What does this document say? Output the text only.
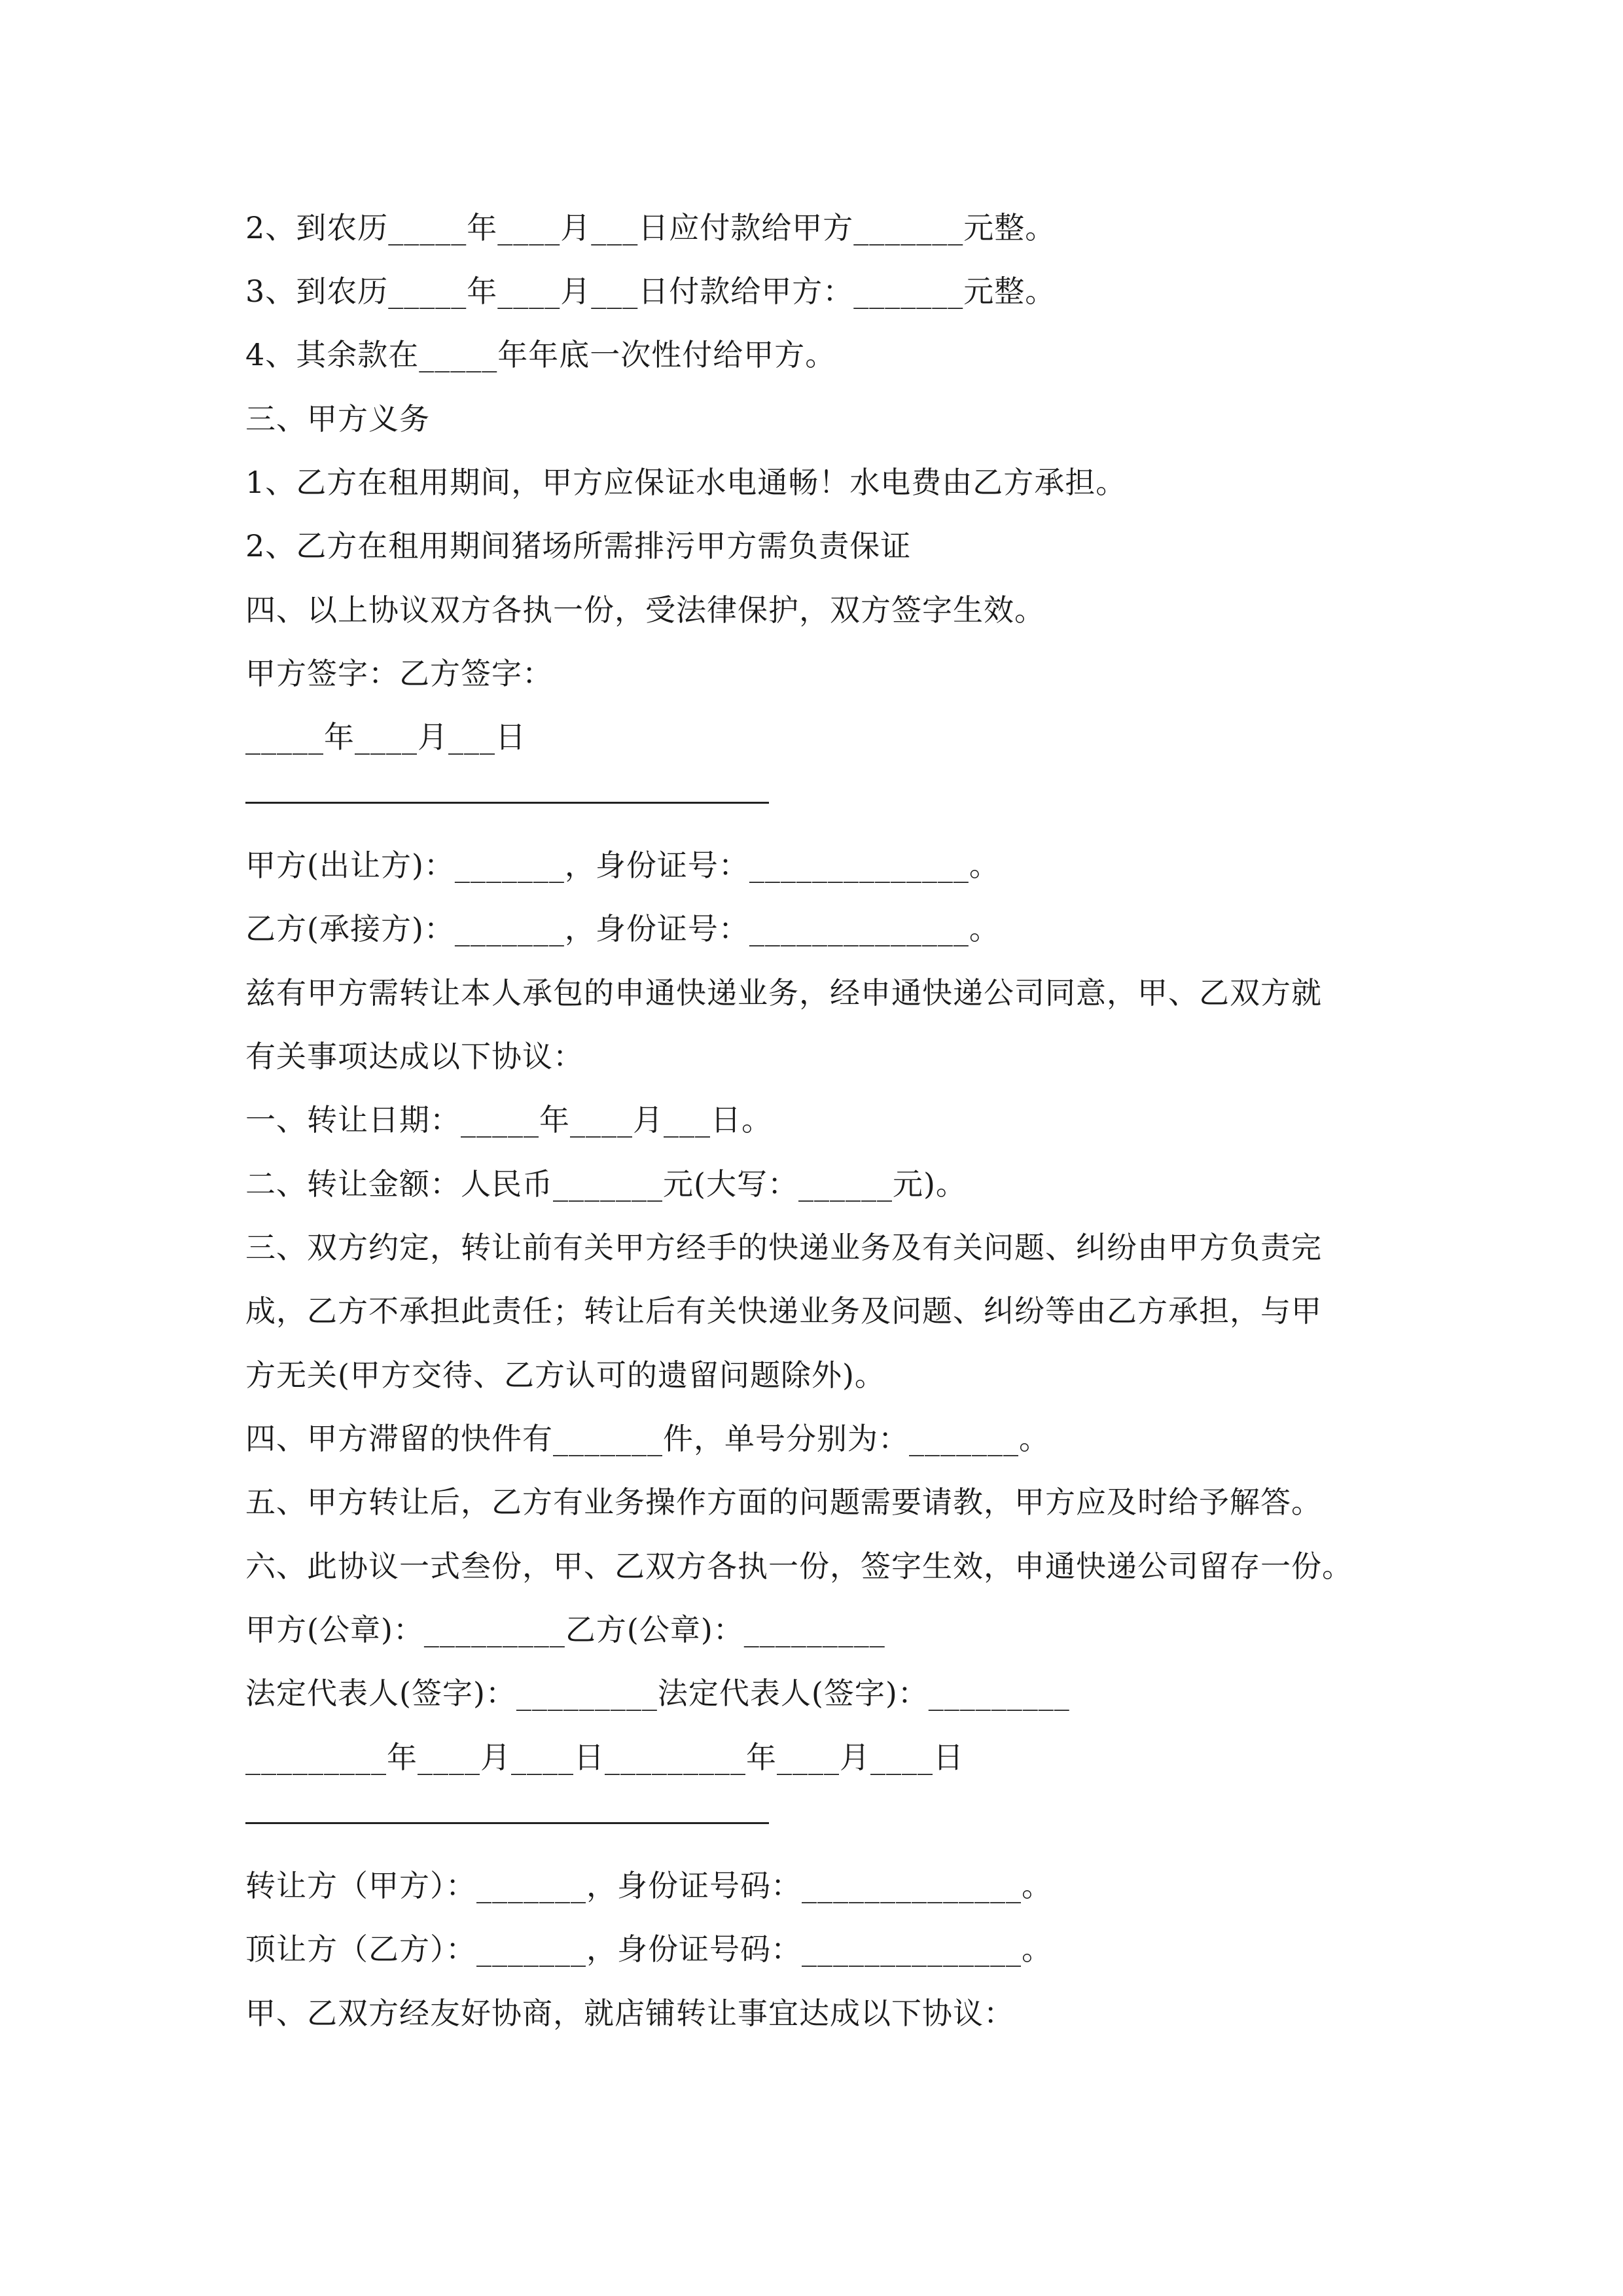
2、到农历_____年____月___日应付款给甲方_______元整。
3、到农历_____年____月___日付款给甲方：_______元整。
4、其余款在_____年年底一次性付给甲方。
三、甲方义务
1、乙方在租用期间，甲方应保证水电通畅！水电费由乙方承担。
2、乙方在租用期间猪场所需排污甲方需负责保证
四、以上协议双方各执一份，受法律保护，双方签字生效。
甲方签字：乙方签字：
_____年____月___日
甲方(出让方)：_______，身份证号：______________。
乙方(承接方)：_______，身份证号：______________。
兹有甲方需转让本人承包的申通快递业务，经申通快递公司同意，甲、乙双方就
有关事项达成以下协议：
一、转让日期：_____年____月___日。
二、转让金额：人民币_______元(大写：______元)。
三、双方约定，转让前有关甲方经手的快递业务及有关问题、纠纷由甲方负责完
成，乙方不承担此责任；转让后有关快递业务及问题、纠纷等由乙方承担，与甲
方无关(甲方交待、乙方认可的遗留问题除外)。
四、甲方滞留的快件有_______件，单号分别为：_______。
五、甲方转让后，乙方有业务操作方面的问题需要请教，甲方应及时给予解答。
六、此协议一式叁份，甲、乙双方各执一份，签字生效，申通快递公司留存一份。
甲方(公章)：_________乙方(公章)：_________
法定代表人(签字)：_________法定代表人(签字)：_________
_________年____月____日_________年____月____日
转让方（甲方）：_______，身份证号码：______________。
顶让方（乙方）：_______，身份证号码：______________。
甲、乙双方经友好协商，就店铺转让事宜达成以下协议：
